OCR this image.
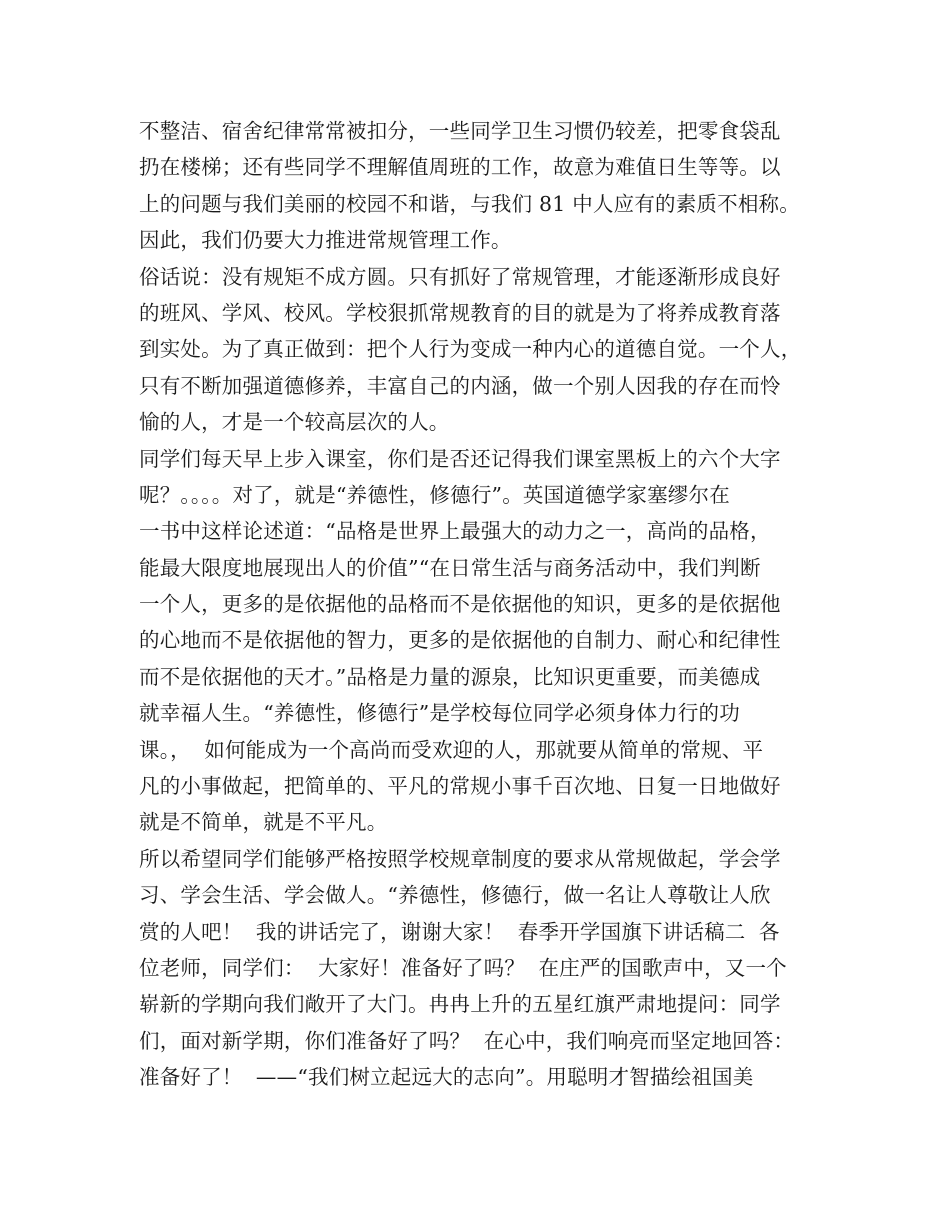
不整洁、宿舍纪律常常被扣分，一些同学卫生习惯仍较差，把零食袋乱
扔在楼梯；还有些同学不理解值周班的工作，故意为难值日生等等。以
上的问题与我们美丽的校园不和谐，与我们 81 中人应有的素质不相称。
因此，我们仍要大力推进常规管理工作。
俗话说：没有规矩不成方圆。只有抓好了常规管理，才能逐渐形成良好
的班风、学风、校风。学校狠抓常规教育的目的就是为了将养成教育落
到实处。为了真正做到：把个人行为变成一种内心的道德自觉。一个人，
只有不断加强道德修养，丰富自己的内涵，做一个别人因我的存在而怜
愉的人，才是一个较高层次的人。
同学们每天早上步入课室，你们是否还记得我们课室黑板上的六个大字
呢？。。。。对了，就是“养德性，修德行”。英国道德学家塞缪尔在
一书中这样论述道：“品格是世界上最强大的动力之一，高尚的品格，
能最大限度地展现出人的价值”“在日常生活与商务活动中，我们判断
一个人，更多的是依据他的品格而不是依据他的知识，更多的是依据他
的心地而不是依据他的智力，更多的是依据他的自制力、耐心和纪律性
而不是依据他的天才。”品格是力量的源泉，比知识更重要，而美德成
就幸福人生。“养德性，修德行”是学校每位同学必须身体力行的功
课。，  如何能成为一个高尚而受欢迎的人，那就要从简单的常规、平
凡的小事做起，把简单的、平凡的常规小事千百次地、日复一日地做好
就是不简单，就是不平凡。
所以希望同学们能够严格按照学校规章制度的要求从常规做起，学会学
习、学会生活、学会做人。“养德性，修德行，做一名让人尊敬让人欣
赏的人吧！  我的讲话完了，谢谢大家！  春季开学国旗下讲话稿二  各
位老师，同学们：  大家好！准备好了吗？  在庄严的国歌声中，又一个
崭新的学期向我们敞开了大门。冉冉上升的五星红旗严肃地提问：同学
们，面对新学期，你们准备好了吗？  在心中，我们响亮而坚定地回答：
准备好了！  ——“我们树立起远大的志向”。用聪明才智描绘祖国美
